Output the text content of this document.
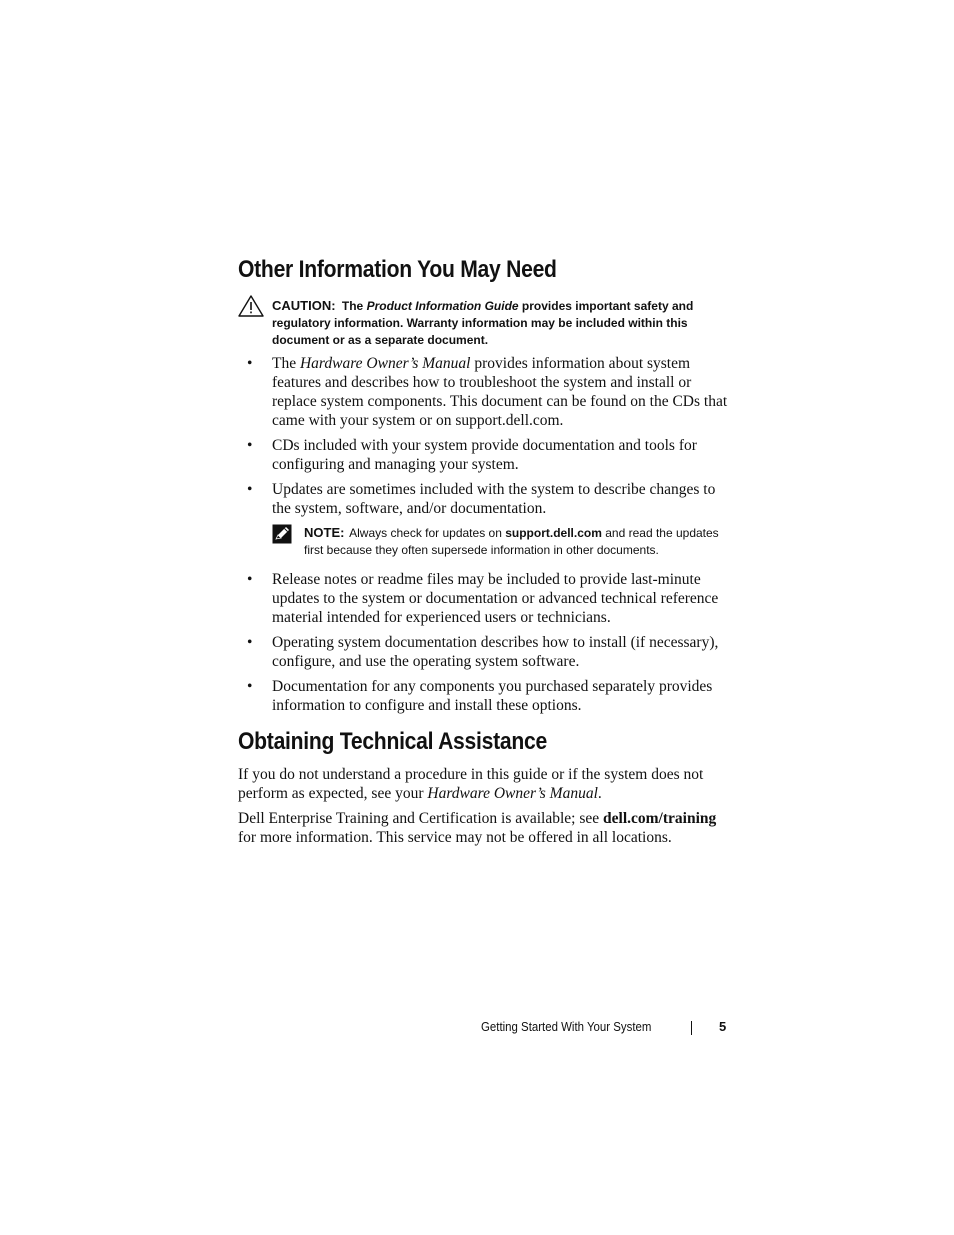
Other Information You May Need
CAUTION: The Product Information Guide provides important safety and regulatory information. Warranty information may be included within this document or as a separate document.
• The Hardware Owner’s Manual provides information about system features and describes how to troubleshoot the system and install or replace system components. This document can be found on the CDs that came with your system or on support.dell.com.
• CDs included with your system provide documentation and tools for configuring and managing your system.
• Updates are sometimes included with the system to describe changes to the system, software, and/or documentation.
NOTE: Always check for updates on support.dell.com and read the updates first because they often supersede information in other documents.
• Release notes or readme files may be included to provide last-minute updates to the system or documentation or advanced technical reference material intended for experienced users or technicians.
• Operating system documentation describes how to install (if necessary), configure, and use the operating system software.
• Documentation for any components you purchased separately provides information to configure and install these options.
Obtaining Technical Assistance

If you do not understand a procedure in this guide or if the system does not perform as expected, see your Hardware Owner’s Manual.

Dell Enterprise Training and Certification is available; see dell.com/training for more information. This service may not be offered in all locations.

Getting Started With Your System	5
